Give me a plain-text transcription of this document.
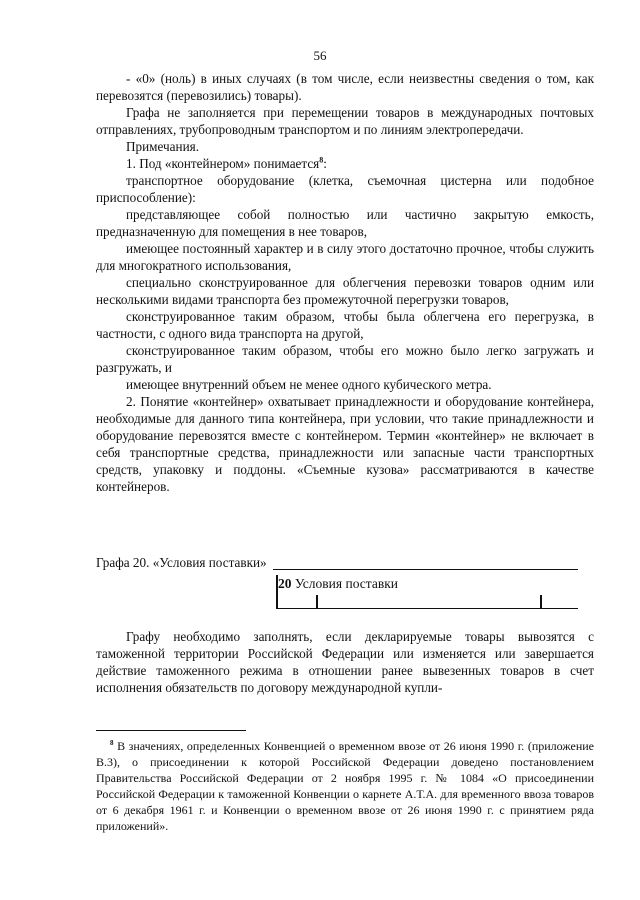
56

- «0» (ноль) в иных случаях (в том числе, если неизвестны сведения о том, как перевозятся (перевозились) товары).

Графа не заполняется при перемещении товаров в международных почтовых отправлениях, трубопроводным транспортом и по линиям электропередачи.

Примечания.

1. Под «контейнером» понимается$^8$:

транспортное оборудование (клетка, съемочная цистерна или подобное приспособление):

представляющее собой полностью или частично закрытую емкость, предназначенную для помещения в нее товаров,

имеющее постоянный характер и в силу этого достаточно прочное, чтобы служить для многократного использования,

специально сконструированное для облегчения перевозки товаров одним или несколькими видами транспорта без промежуточной перегрузки товаров,

сконструированное таким образом, чтобы была облегчена его перегрузка, в частности, с одного вида транспорта на другой,

сконструированное таким образом, чтобы его можно было легко загружать и разгружать, и

имеющее внутренний объем не менее одного кубического метра.

2. Понятие «контейнер» охватывает принадлежности и оборудование контейнера, необходимые для данного типа контейнера, при условии, что такие принадлежности и оборудование перевозятся вместе с контейнером. Термин «контейнер» не включает в себя транспортные средства, принадлежности или запасные части транспортных средств, упаковку и поддоны. «Съемные кузова» рассматриваются в качестве контейнеров.

Графа 20. «Условия поставки»
20 Условия поставки

Графу необходимо заполнять, если декларируемые товары вывозятся с таможенной территории Российской Федерации или изменяется или завершается действие таможенного режима в отношении ранее вывезенных товаров в счет исполнения обязательств по договору международной купли-

$^8$ В значениях, определенных Конвенцией о временном ввозе от 26 июня 1990 г. (приложение В.3), о присоединении к которой Российской Федерации доведено постановлением Правительства Российской Федерации от 2 ноября 1995 г. № 1084 «О присоединении Российской Федерации к таможенной Конвенции о карнете А.Т.А. для временного ввоза товаров от 6 декабря 1961 г. и Конвенции о временном ввозе от 26 июня 1990 г. с принятием ряда приложений».
